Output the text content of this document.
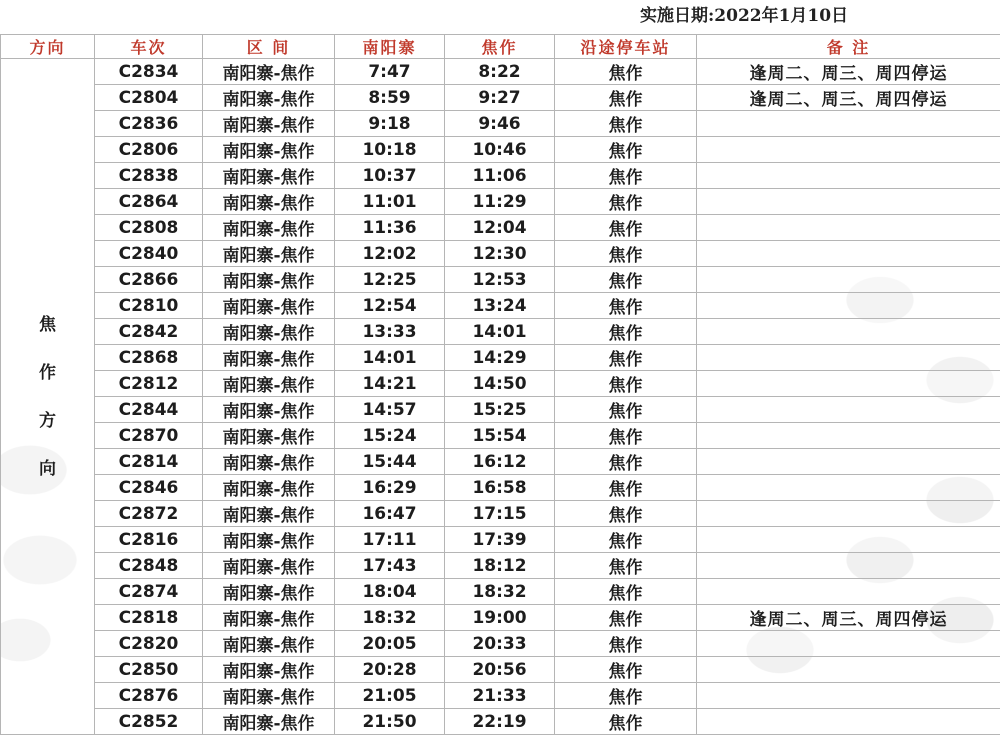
实施日期:2022年1月10日
方向	车次	区 间	南阳寨	焦作	沿途停车站	备 注

焦
作
方
向	C2834	南阳寨-焦作	7:47	8:22	焦作	逢周二、周三、周四停运
	C2804	南阳寨-焦作	8:59	9:27	焦作	逢周二、周三、周四停运
	C2836	南阳寨-焦作	9:18	9:46	焦作	
	C2806	南阳寨-焦作	10:18	10:46	焦作	
	C2838	南阳寨-焦作	10:37	11:06	焦作	
	C2864	南阳寨-焦作	11:01	11:29	焦作	
	C2808	南阳寨-焦作	11:36	12:04	焦作	
	C2840	南阳寨-焦作	12:02	12:30	焦作	
	C2866	南阳寨-焦作	12:25	12:53	焦作	
	C2810	南阳寨-焦作	12:54	13:24	焦作	
	C2842	南阳寨-焦作	13:33	14:01	焦作	
	C2868	南阳寨-焦作	14:01	14:29	焦作	
	C2812	南阳寨-焦作	14:21	14:50	焦作	
	C2844	南阳寨-焦作	14:57	15:25	焦作	
	C2870	南阳寨-焦作	15:24	15:54	焦作	
	C2814	南阳寨-焦作	15:44	16:12	焦作	
	C2846	南阳寨-焦作	16:29	16:58	焦作	
	C2872	南阳寨-焦作	16:47	17:15	焦作	
	C2816	南阳寨-焦作	17:11	17:39	焦作	
	C2848	南阳寨-焦作	17:43	18:12	焦作	
	C2874	南阳寨-焦作	18:04	18:32	焦作	
	C2818	南阳寨-焦作	18:32	19:00	焦作	逢周二、周三、周四停运
	C2820	南阳寨-焦作	20:05	20:33	焦作	
	C2850	南阳寨-焦作	20:28	20:56	焦作	
	C2876	南阳寨-焦作	21:05	21:33	焦作	
	C2852	南阳寨-焦作	21:50	22:19	焦作	
